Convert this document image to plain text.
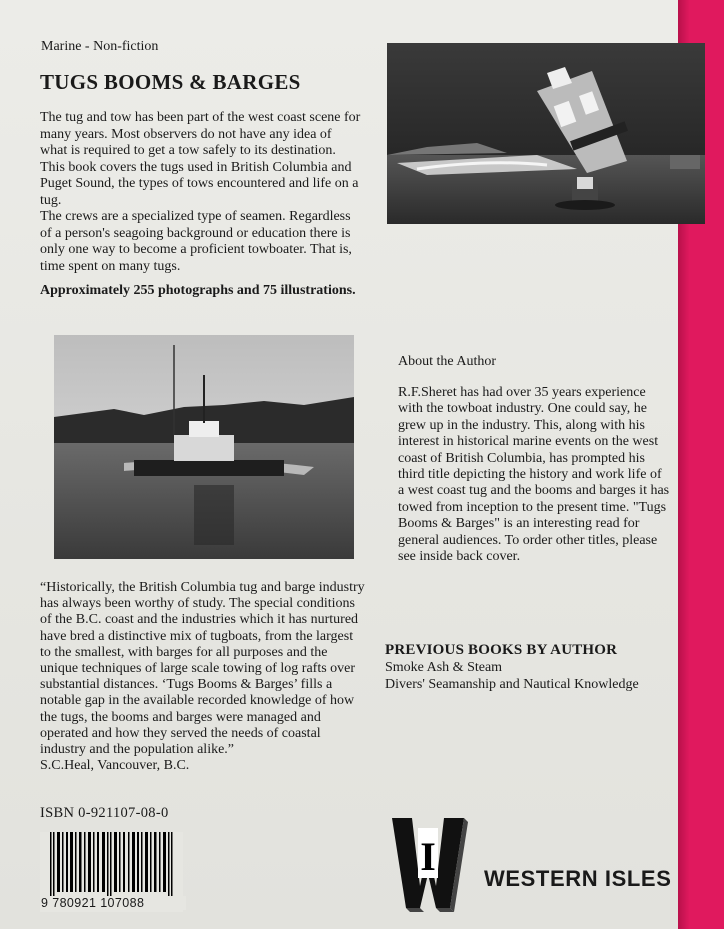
Marine - Non-fiction
TUGS BOOMS & BARGES

The tug and tow has been part of the west coast scene for many years. Most observers do not have any idea of what is required to get a tow safely to its destination. This book covers the tugs used in British Columbia and Puget Sound, the types of tows encountered and life on a tug.

The crews are a specialized type of seamen. Regardless of a person's seagoing background or education there is only one way to become a proficient towboater. That is, time spent on many tugs.

Approximately 255 photographs and 75 illustrations.
About the Author
R.F.Sheret has had over 35 years experience with the towboat industry. One could say, he grew up in the industry. This, along with his interest in historical marine events on the west coast of British Columbia, has prompted his third title depicting the history and work life of a west coast tug and the booms and barges it has towed from inception to the present time. "Tugs Booms & Barges" is an interesting read for general audiences. To order other titles, please see inside back cover.

“Historically, the British Columbia tug and barge industry has always been worthy of study. The special conditions of the B.C. coast and the industries which it has nurtured have bred a distinctive mix of tugboats, from the largest to the smallest, with barges for all purposes and the unique techniques of large scale towing of log rafts over substantial distances. ‘Tugs Booms & Barges’ fills a notable gap in the available recorded knowledge of how the tugs, the booms and barges were managed and operated and how they served the needs of coastal industry and the population alike.”

S.C.Heal, Vancouver, B.C.

PREVIOUS BOOKS BY AUTHOR
Smoke Ash & Steam
Divers' Seamanship and Nautical Knowledge
ISBN 0-921107-08-0
9 780921 107088
I WESTERN ISLES
